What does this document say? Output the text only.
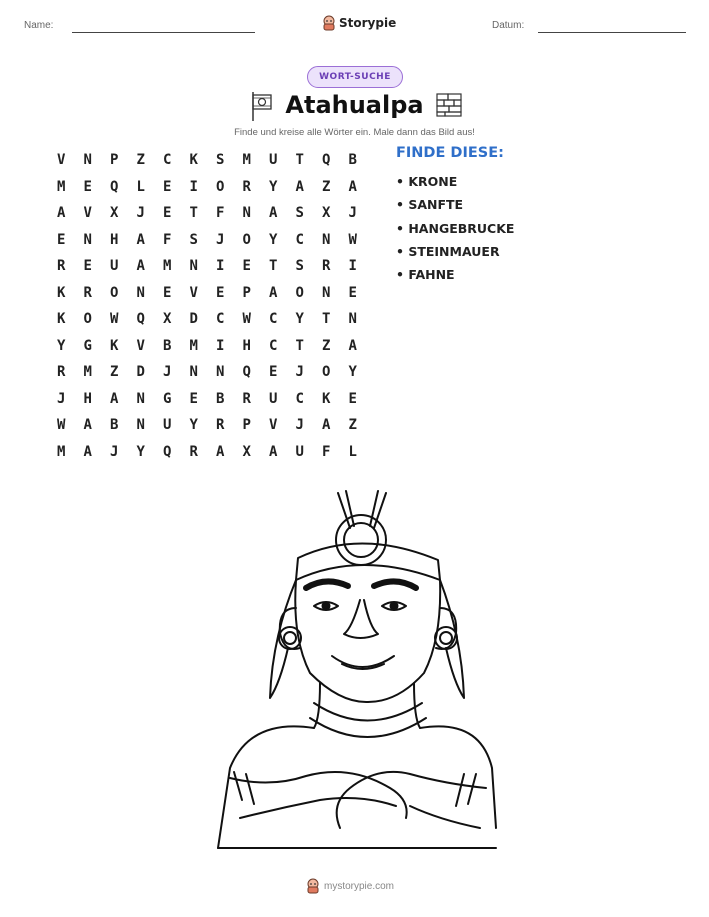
Name:	Storypie	Datum:
WORT-SUCHE
Atahualpa
Finde und kreise alle Wörter ein. Male dann das Bild aus!
V	N	P	Z	C	K	S	M	U	T	Q	B
M	E	Q	L	E	I	O	R	Y	A	Z	A
A	V	X	J	E	T	F	N	A	S	X	J
E	N	H	A	F	S	J	O	Y	C	N	W
R	E	U	A	M	N	I	E	T	S	R	I
K	R	O	N	E	V	E	P	A	O	N	E
K	O	W	Q	X	D	C	W	C	Y	T	N
Y	G	K	V	B	M	I	H	C	T	Z	A
R	M	Z	D	J	N	N	Q	E	J	O	Y
J	H	A	N	G	E	B	R	U	C	K	E
W	A	B	N	U	Y	R	P	V	J	A	Z
M	A	J	Y	Q	R	A	X	A	U	F	L
FINDE DIESE:
• KRONE
• SANFTE
• HANGEBRUCKE
• STEINMAUER
• FAHNE
mystorypie.com
